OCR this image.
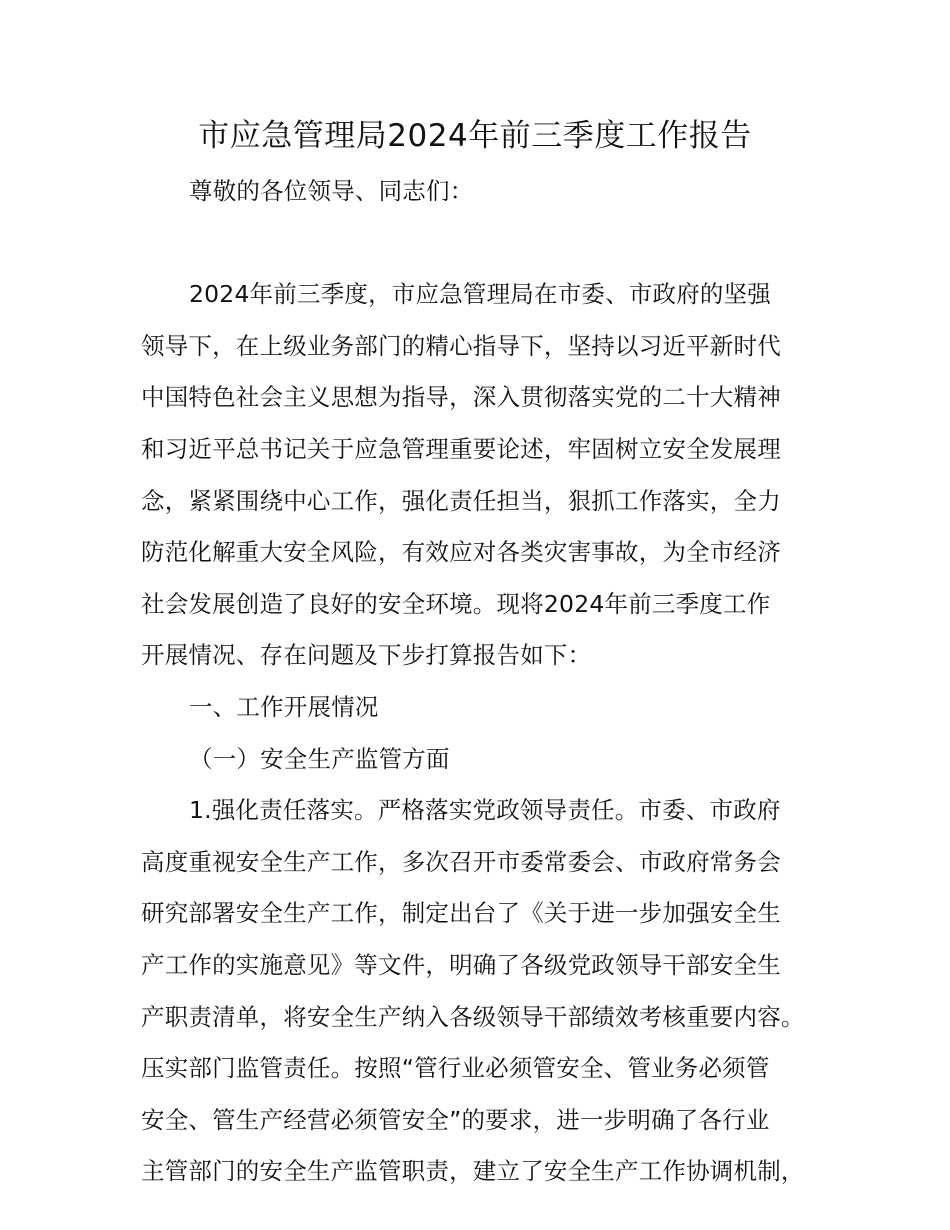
市应急管理局2024年前三季度工作报告
尊敬的各位领导、同志们：
2024年前三季度，市应急管理局在市委、市政府的坚强
领导下，在上级业务部门的精心指导下，坚持以习近平新时代
中国特色社会主义思想为指导，深入贯彻落实党的二十大精神
和习近平总书记关于应急管理重要论述，牢固树立安全发展理
念，紧紧围绕中心工作，强化责任担当，狠抓工作落实，全力
防范化解重大安全风险，有效应对各类灾害事故，为全市经济
社会发展创造了良好的安全环境。现将2024年前三季度工作
开展情况、存在问题及下步打算报告如下：
一、工作开展情况
（一）安全生产监管方面
1.强化责任落实。严格落实党政领导责任。市委、市政府
高度重视安全生产工作，多次召开市委常委会、市政府常务会
研究部署安全生产工作，制定出台了《关于进一步加强安全生
产工作的实施意见》等文件，明确了各级党政领导干部安全生
产职责清单，将安全生产纳入各级领导干部绩效考核重要内容。
压实部门监管责任。按照“管行业必须管安全、管业务必须管
安全、管生产经营必须管安全”的要求，进一步明确了各行业
主管部门的安全生产监管职责，建立了安全生产工作协调机制，
